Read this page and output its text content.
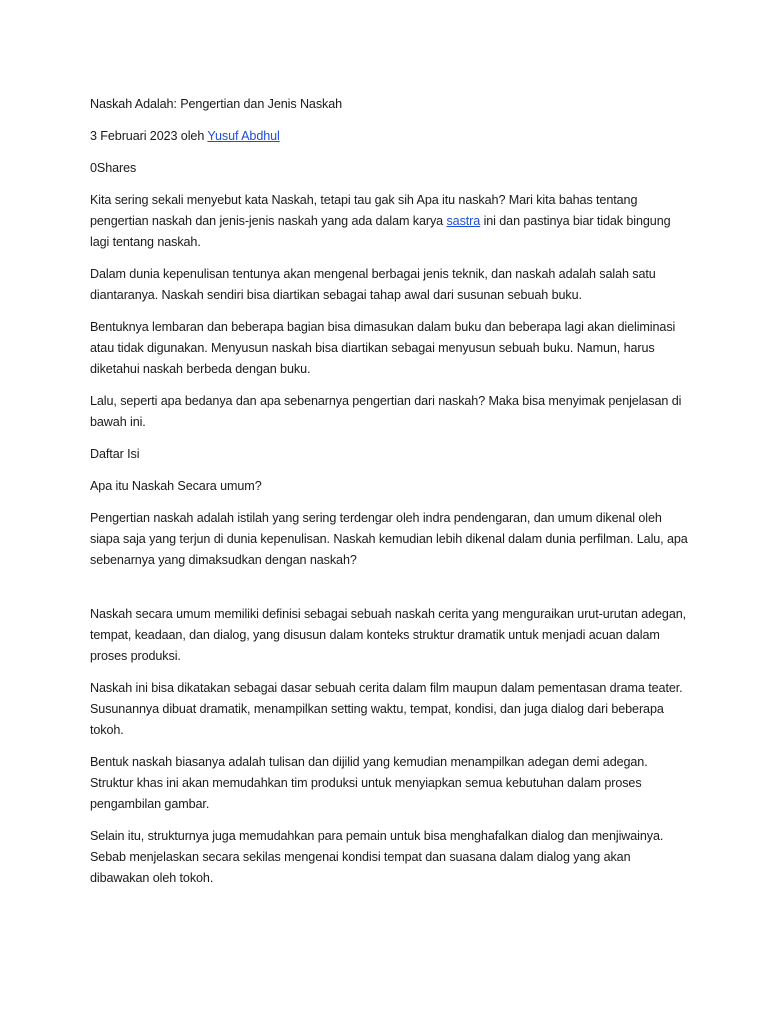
Naskah Adalah: Pengertian dan Jenis Naskah

3 Februari 2023 oleh Yusuf Abdhul

0Shares

Kita sering sekali menyebut kata Naskah, tetapi tau gak sih Apa itu naskah? Mari kita bahas tentang pengertian naskah dan jenis-jenis naskah yang ada dalam karya sastra ini dan pastinya biar tidak bingung lagi tentang naskah.

Dalam dunia kepenulisan tentunya akan mengenal berbagai jenis teknik, dan naskah adalah salah satu diantaranya. Naskah sendiri bisa diartikan sebagai tahap awal dari susunan sebuah buku.

Bentuknya lembaran dan beberapa bagian bisa dimasukan dalam buku dan beberapa lagi akan dieliminasi atau tidak digunakan. Menyusun naskah bisa diartikan sebagai menyusun sebuah buku. Namun, harus diketahui naskah berbeda dengan buku.

Lalu, seperti apa bedanya dan apa sebenarnya pengertian dari naskah? Maka bisa menyimak penjelasan di bawah ini.

Daftar Isi

Apa itu Naskah Secara umum?

Pengertian naskah adalah istilah yang sering terdengar oleh indra pendengaran, dan umum dikenal oleh siapa saja yang terjun di dunia kepenulisan. Naskah kemudian lebih dikenal dalam dunia perfilman. Lalu, apa sebenarnya yang dimaksudkan dengan naskah?

Naskah secara umum memiliki definisi sebagai sebuah naskah cerita yang menguraikan urut-urutan adegan, tempat, keadaan, dan dialog, yang disusun dalam konteks struktur dramatik untuk menjadi acuan dalam proses produksi.

Naskah ini bisa dikatakan sebagai dasar sebuah cerita dalam film maupun dalam pementasan drama teater. Susunannya dibuat dramatik, menampilkan setting waktu, tempat, kondisi, dan juga dialog dari beberapa tokoh.

Bentuk naskah biasanya adalah tulisan dan dijilid yang kemudian menampilkan adegan demi adegan. Struktur khas ini akan memudahkan tim produksi untuk menyiapkan semua kebutuhan dalam proses pengambilan gambar.

Selain itu, strukturnya juga memudahkan para pemain untuk bisa menghafalkan dialog dan menjiwainya. Sebab menjelaskan secara sekilas mengenai kondisi tempat dan suasana dalam dialog yang akan dibawakan oleh tokoh.
